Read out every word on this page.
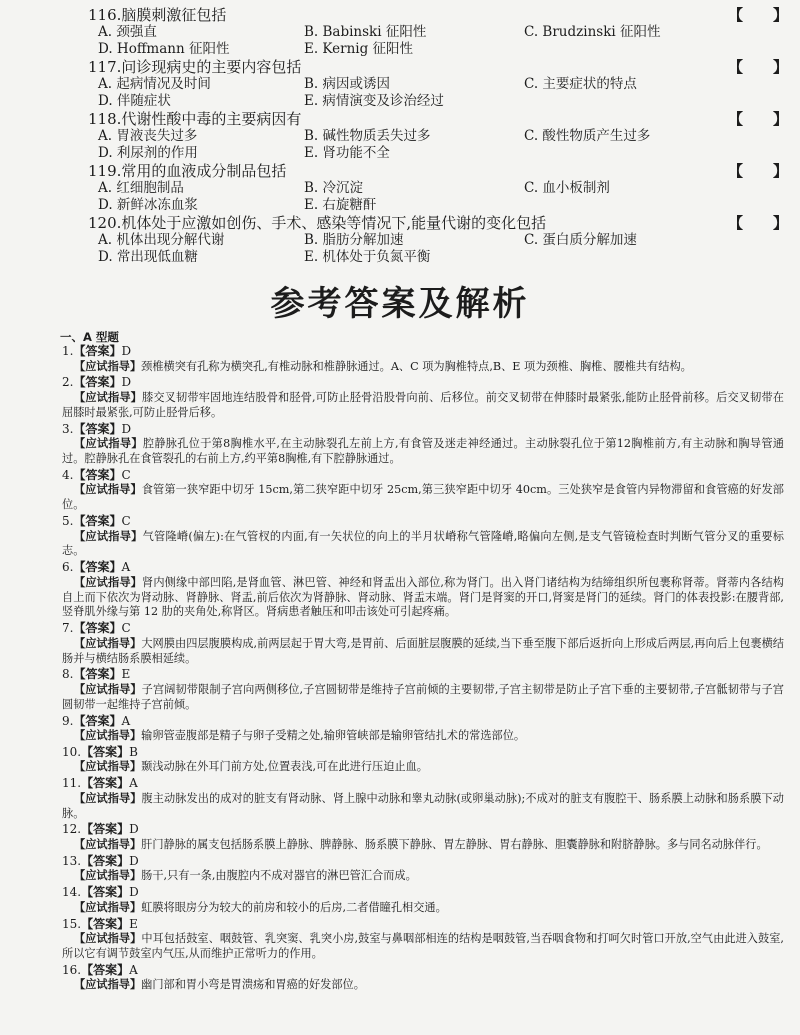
116.脑膜刺激征包括	【　　】
A. 颈强直	B. Babinski 征阳性	C. Brudzinski 征阳性
D. Hoffmann 征阳性	E. Kernig 征阳性
117.问诊现病史的主要内容包括	【　　】
A. 起病情况及时间	B. 病因或诱因	C. 主要症状的特点
D. 伴随症状	E. 病情演变及诊治经过
118.代谢性酸中毒的主要病因有	【　　】
A. 胃液丧失过多	B. 碱性物质丢失过多	C. 酸性物质产生过多
D. 利尿剂的作用	E. 肾功能不全
119.常用的血液成分制品包括	【　　】
A. 红细胞制品	B. 冷沉淀	C. 血小板制剂
D. 新鲜冰冻血浆	E. 右旋糖酐
120.机体处于应激如创伤、手术、感染等情况下,能量代谢的变化包括	【　　】
A. 机体出现分解代谢	B. 脂肪分解加速	C. 蛋白质分解加速
D. 常出现低血糖	E. 机体处于负氮平衡
参考答案及解析
一、A 型题
1.【答案】D
【应试指导】颈椎横突有孔称为横突孔,有椎动脉和椎静脉通过。A、C 项为胸椎特点,B、E 项为颈椎、胸椎、腰椎共有结构。
2.【答案】D
【应试指导】膝交叉韧带牢固地连结股骨和胫骨,可防止胫骨沿股骨向前、后移位。前交叉韧带在伸膝时最紧张,能防止胫骨前移。后交叉韧带在屈膝时最紧张,可防止胫骨后移。
3.【答案】D
【应试指导】腔静脉孔位于第8胸椎水平,在主动脉裂孔左前上方,有食管及迷走神经通过。主动脉裂孔位于第12胸椎前方,有主动脉和胸导管通过。腔静脉孔在食管裂孔的右前上方,约平第8胸椎,有下腔静脉通过。
4.【答案】C
【应试指导】食管第一狭窄距中切牙 15cm,第二狭窄距中切牙 25cm,第三狭窄距中切牙 40cm。三处狭窄是食管内异物滞留和食管癌的好发部位。
5.【答案】C
【应试指导】气管隆嵴(偏左):在气管杈的内面,有一矢状位的向上的半月状嵴称气管隆嵴,略偏向左侧,是支气管镜检查时判断气管分叉的重要标志。
6.【答案】A
【应试指导】肾内侧缘中部凹陷,是肾血管、淋巴管、神经和肾盂出入部位,称为肾门。出入肾门诸结构为结缔组织所包裹称肾蒂。肾蒂内各结构自上而下依次为肾动脉、肾静脉、肾盂,前后依次为肾静脉、肾动脉、肾盂末端。肾门是肾窦的开口,肾窦是肾门的延续。肾门的体表投影:在腰背部,竖脊肌外缘与第 12 肋的夹角处,称肾区。肾病患者触压和叩击该处可引起疼痛。
7.【答案】C
【应试指导】大网膜由四层腹膜构成,前两层起于胃大弯,是胃前、后面脏层腹膜的延续,当下垂至腹下部后返折向上形成后两层,再向后上包裹横结肠并与横结肠系膜相延续。
8.【答案】E
【应试指导】子宫阔韧带限制子宫向两侧移位,子宫圆韧带是维持子宫前倾的主要韧带,子宫主韧带是防止子宫下垂的主要韧带,子宫骶韧带与子宫圆韧带一起维持子宫前倾。
9.【答案】A
【应试指导】输卵管壶腹部是精子与卵子受精之处,输卵管峡部是输卵管结扎术的常选部位。
10.【答案】B
【应试指导】颞浅动脉在外耳门前方处,位置表浅,可在此进行压迫止血。
11.【答案】A
【应试指导】腹主动脉发出的成对的脏支有肾动脉、肾上腺中动脉和睾丸动脉(或卵巢动脉);不成对的脏支有腹腔干、肠系膜上动脉和肠系膜下动脉。
12.【答案】D
【应试指导】肝门静脉的属支包括肠系膜上静脉、脾静脉、肠系膜下静脉、胃左静脉、胃右静脉、胆囊静脉和附脐静脉。多与同名动脉伴行。
13.【答案】D
【应试指导】肠干,只有一条,由腹腔内不成对器官的淋巴管汇合而成。
14.【答案】D
【应试指导】虹膜将眼房分为较大的前房和较小的后房,二者借瞳孔相交通。
15.【答案】E
【应试指导】中耳包括鼓室、咽鼓管、乳突窦、乳突小房,鼓室与鼻咽部相连的结构是咽鼓管,当吞咽食物和打呵欠时管口开放,空气由此进入鼓室,所以它有调节鼓室内气压,从而维护正常听力的作用。
16.【答案】A
【应试指导】幽门部和胃小弯是胃溃疡和胃癌的好发部位。
